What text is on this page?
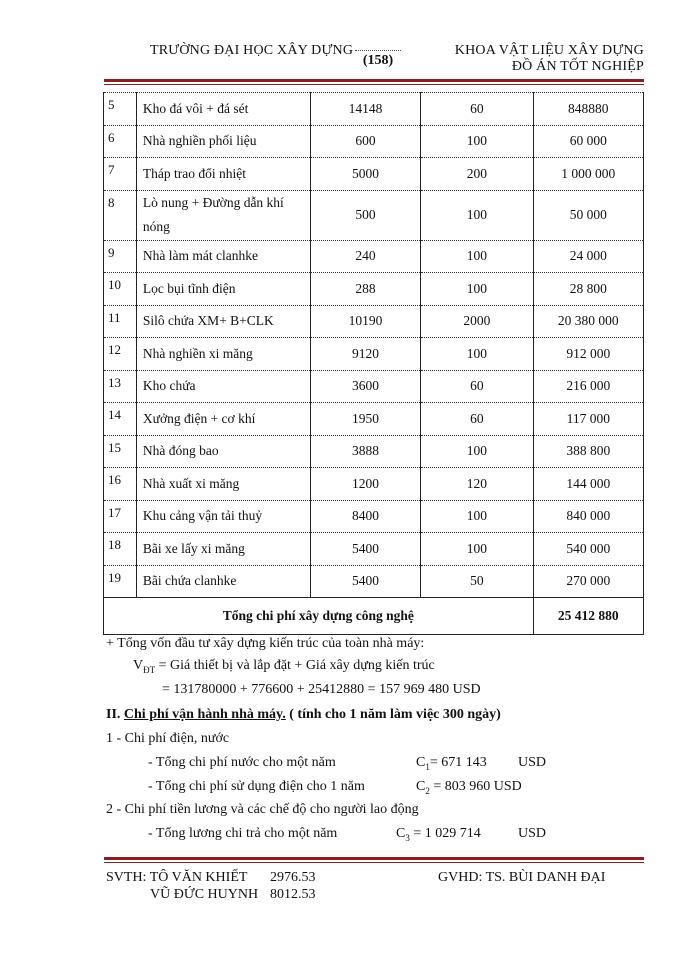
TRƯỜNG ĐẠI HỌC XÂY DỰNG
(158)
KHOA VẬT LIỆU XÂY DỰNG
ĐỒ ÁN TỐT NGHIỆP
5	Kho đá vôi + đá sét	14148	60	848880
6	Nhà nghiền phối liệu	600	100	60 000
7	Tháp trao đổi nhiệt	5000	200	1 000 000
8	Lò nung + Đường dẫn khí nóng	500	100	50 000
9	Nhà làm mát clanhke	240	100	24 000
10	Lọc bụi tĩnh điện	288	100	28 800
11	Silô chứa XM+ B+CLK	10190	2000	20 380 000
12	Nhà nghiền xi măng	9120	100	912 000
13	Kho chứa	3600	60	216 000
14	Xưởng điện + cơ khí	1950	60	117 000
15	Nhà đóng bao	3888	100	388 800
16	Nhà xuất xi măng	1200	120	144 000
17	Khu cảng vận tải thuỷ	8400	100	840 000
18	Bãi xe lấy xi măng	5400	100	540 000
19	Bãi chứa clanhke	5400	50	270 000
Tổng chi phí xây dựng công nghệ				25 412 880
+ Tổng vốn đầu tư xây dựng kiến trúc của toàn nhà máy:
$V_{ĐT}$ = Giá thiết bị và lắp đặt + Giá xây dựng kiến trúc
= 131780000 + 776600 + 25412880 = 157 969 480 USD
II. Chi phí vận hành nhà máy. ( tính cho 1 năm làm việc 300 ngày)
1 - Chi phí điện, nước
- Tổng chi phí nước cho một năm	$C_1= 671$ 143 USD
- Tổng chi phí sử dụng điện cho 1 năm	$C_2 = 803$ 960 USD
2 - Chi phí tiền lương và các chế độ cho người lao động
- Tổng lương chi trả cho một năm	$C_3 = 1$ 029 714	USD
SVTH: TÔ VĂN KHIẾT 2976.53
VŨ ĐỨC HUYNH 8012.53
GVHD: TS. BÙI DANH ĐẠI
